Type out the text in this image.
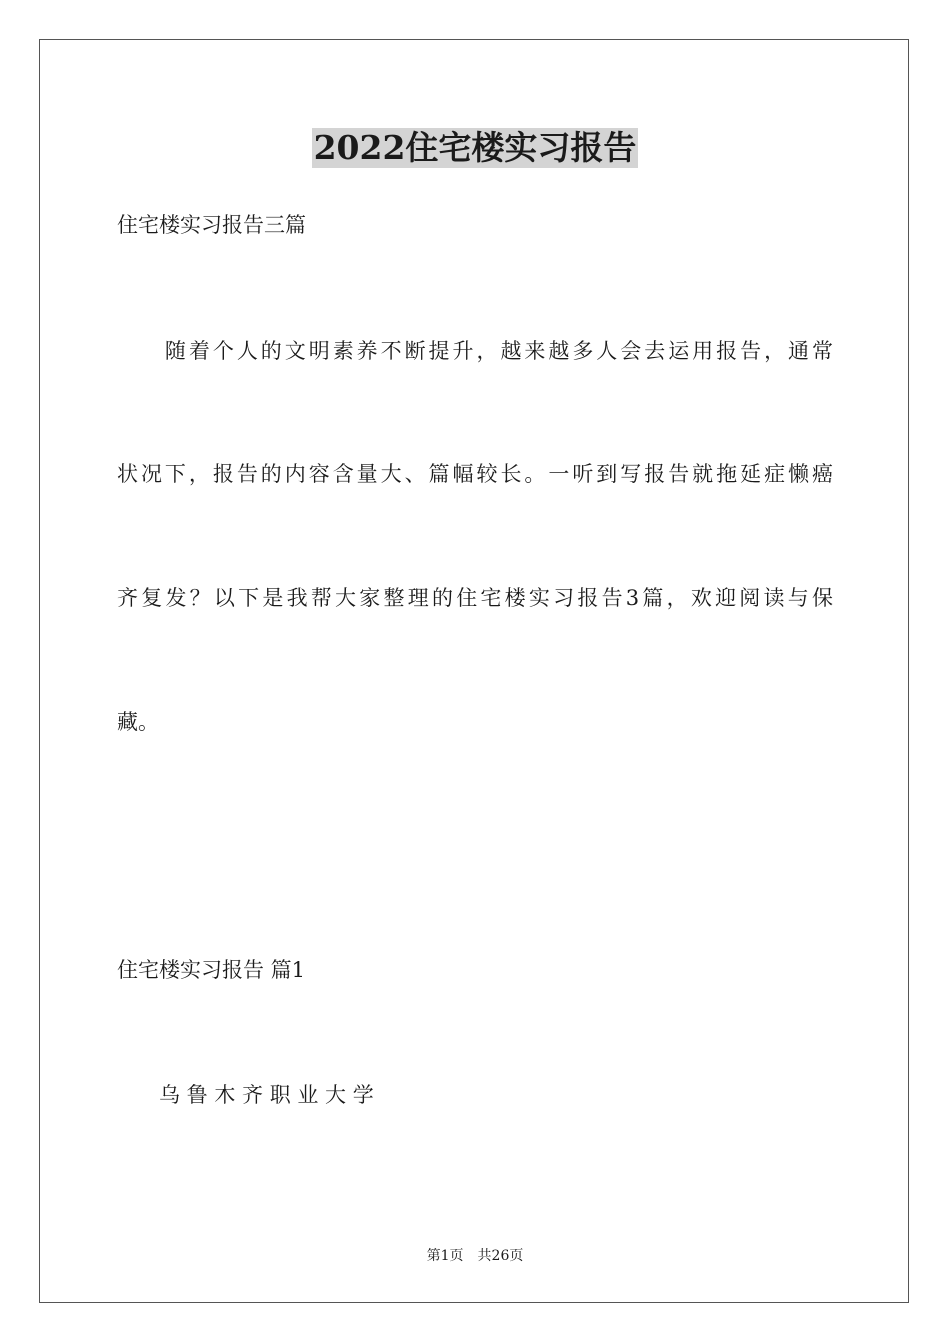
2022住宅楼实习报告
住宅楼实习报告三篇
　　随着个人的文明素养不断提升，越来越多人会去运用报告，通常
状况下，报告的内容含量大、篇幅较长。一听到写报告就拖延症懒癌
齐复发？以下是我帮大家整理的住宅楼实习报告3篇，欢迎阅读与保
藏。
住宅楼实习报告 篇1
　　乌 鲁 木 齐 职 业 大 学
第1页　共26页
